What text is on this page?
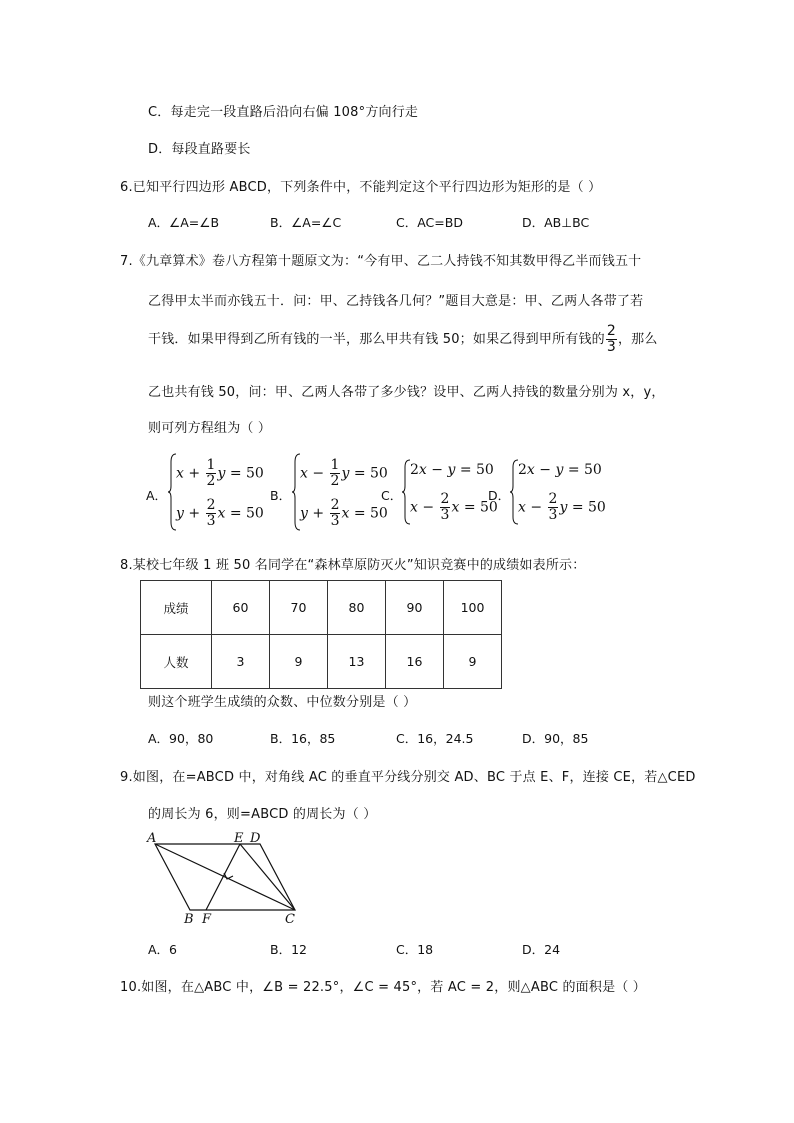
C．每走完一段直路后沿向右偏 108°方向行走
D．每段直路要长
6.已知平行四边形 ABCD，下列条件中，不能判定这个平行四边形为矩形的是（ ）
A．∠A=∠B	B．∠A=∠C	C．AC=BD	D．AB⊥BC
7.《九章算术》卷八方程第十题原文为：“今有甲、乙二人持钱不知其数甲得乙半而钱五十
乙得甲太半而亦钱五十．问：甲、乙持钱各几何？”题目大意是：甲、乙两人各带了若
干钱．如果甲得到乙所有钱的一半，那么甲共有钱 50；如果乙得到甲所有钱的 $\frac{2}{3}$ ，那么
乙也共有钱 50，问：甲、乙两人各带了多少钱？设甲、乙两人持钱的数量分别为 x，y，
则可列方程组为（ ）
A．
$x + \frac{1}{2}$ y = 50
$y + \frac{2}{3}$ x = 50
B．
$x - \frac{1}{2}$ y = 50
$y + \frac{2}{3}$ x = 50
C．
2x − y = 50
$x - \frac{2}{3}$ x = 50
D．
2x − y = 50
$x - \frac{2}{3}$ y = 50
8.某校七年级 1 班 50 名同学在“森林草原防灭火”知识竞赛中的成绩如表所示：
成绩	60	70	80	90	100
人数	3	9	13	16	9
则这个班学生成绩的众数、中位数分别是（ ）
A．90，80	B．16，85	C．16，24.5	D．90，85
9.如图，在=ABCD 中，对角线 AC 的垂直平分线分别交 AD、BC 于点 E、F，连接 CE，若△CED
的周长为 6，则=ABCD 的周长为（ ）
A	E D
B F	C
A．6	B．12	C．18	D．24
10.如图，在△ABC 中，∠B = 22.5°，∠C = 45°，若 AC = 2，则△ABC 的面积是（ ）
